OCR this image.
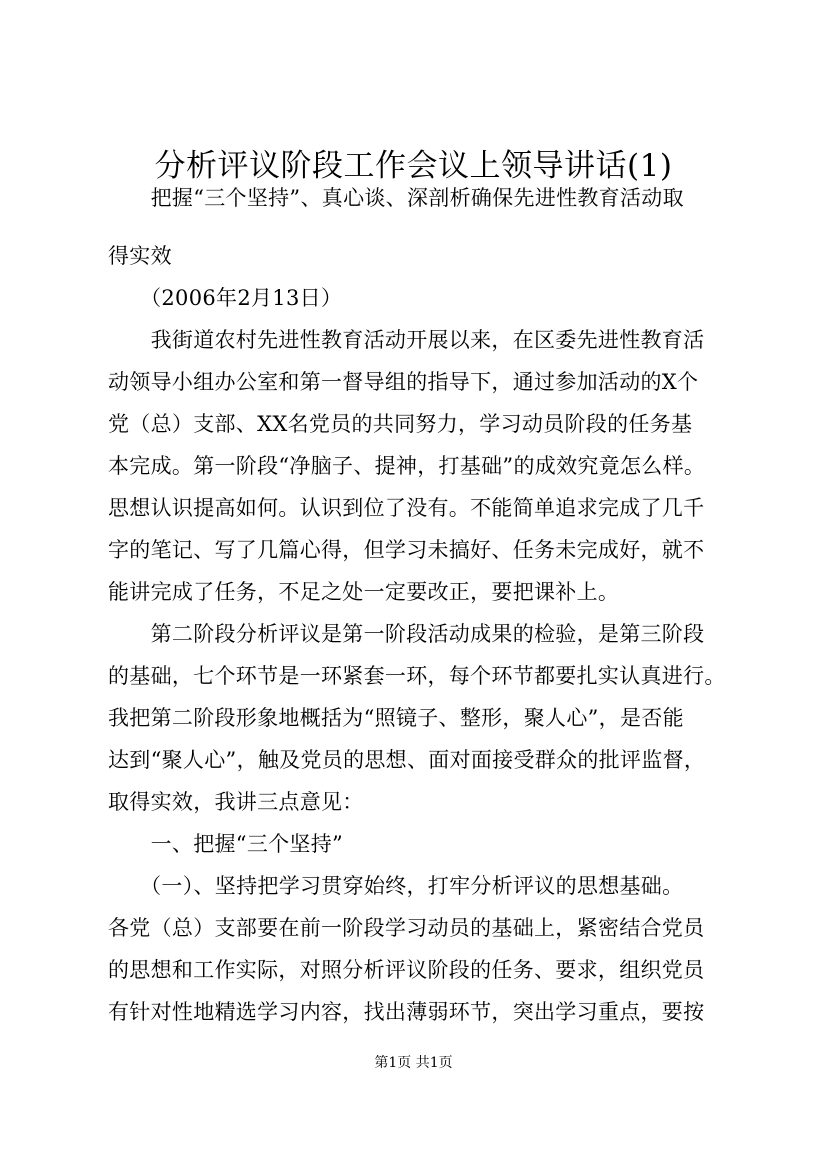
分析评议阶段工作会议上领导讲话(1)
　　把握“三个坚持”、真心谈、深剖析确保先进性教育活动取
得实效
　　（2006年2月13日）
　　我街道农村先进性教育活动开展以来，在区委先进性教育活
动领导小组办公室和第一督导组的指导下，通过参加活动的X个
党（总）支部、XX名党员的共同努力，学习动员阶段的任务基
本完成。第一阶段“净脑子、提神，打基础”的成效究竟怎么样。
思想认识提高如何。认识到位了没有。不能简单追求完成了几千
字的笔记、写了几篇心得，但学习未搞好、任务未完成好，就不
能讲完成了任务，不足之处一定要改正，要把课补上。
　　第二阶段分析评议是第一阶段活动成果的检验，是第三阶段
的基础，七个环节是一环紧套一环，每个环节都要扎实认真进行。
我把第二阶段形象地概括为“照镜子、整形，聚人心”，是否能
达到“聚人心”，触及党员的思想、面对面接受群众的批评监督，
取得实效，我讲三点意见：
　　一、把握“三个坚持”
　　（一）、坚持把学习贯穿始终，打牢分析评议的思想基础。
各党（总）支部要在前一阶段学习动员的基础上，紧密结合党员
的思想和工作实际，对照分析评议阶段的任务、要求，组织党员
有针对性地精选学习内容，找出薄弱环节，突出学习重点，要按
第1页 共1页
